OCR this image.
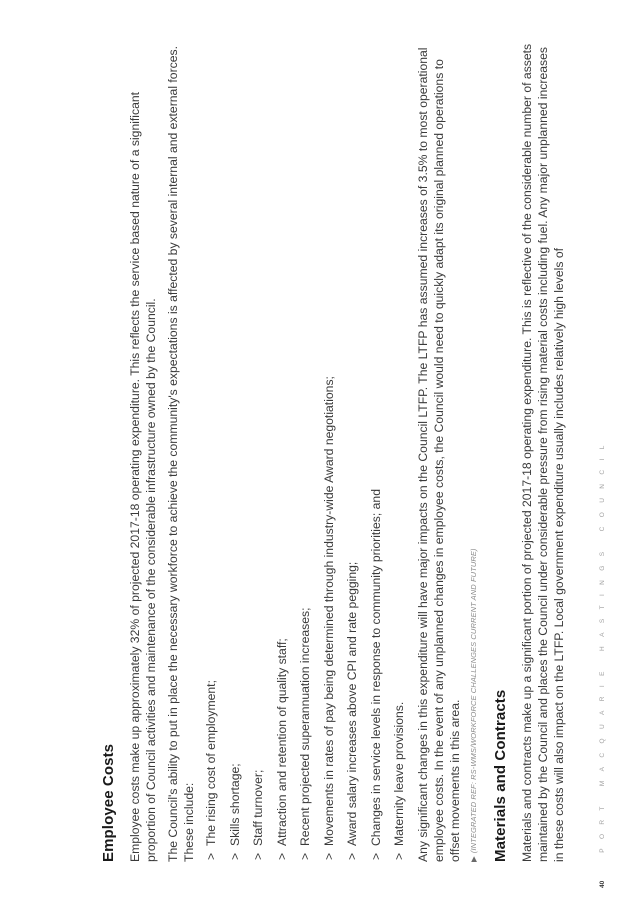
Employee Costs Employee costs make up approximately 32% of projected 2017-18 operating expenditure. This reflects the service based nature of a significant proportion of Council activities and maintenance of the considerable infrastructure owned by the Council. The Council's ability to put in place the necessary workforce to achieve the community's expectations is affected by several internal and external forces. These include: >The rising cost of employment;
>Skills shortage;
>Staff turnover;
>Attraction and retention of quality staff;
>Recent projected superannuation increases;
>Movements in rates of pay being determined through industry-wide Award negotiations;
>Award salary increases above CPI and rate pegging;
>Changes in service levels in response to community priorities; and
>Maternity leave provisions. Any significant changes in this expenditure will have major impacts on the Council LTFP. The LTFP has assumed increases of 3.5% to most operational employee costs. In the event of any unplanned changes in employee costs, the Council would need to quickly adapt its original planned operations to offset movements in this area. ▶(INTEGRATED REF: RS-WMS/WORKFORCE CHALLENGES CURRENT AND FUTURE) Materials and Contracts Materials and contracts make up a significant portion of projected 2017-18 operating expenditure. This is reflective of the considerable number of assets maintained by the Council and places the Council under considerable pressure from rising material costs including fuel. Any major unplanned increases in these costs will also impact on the LTFP. Local government expenditure usually includes relatively high levels of

40PORT MACQUARIE HASTINGS COUNCIL
